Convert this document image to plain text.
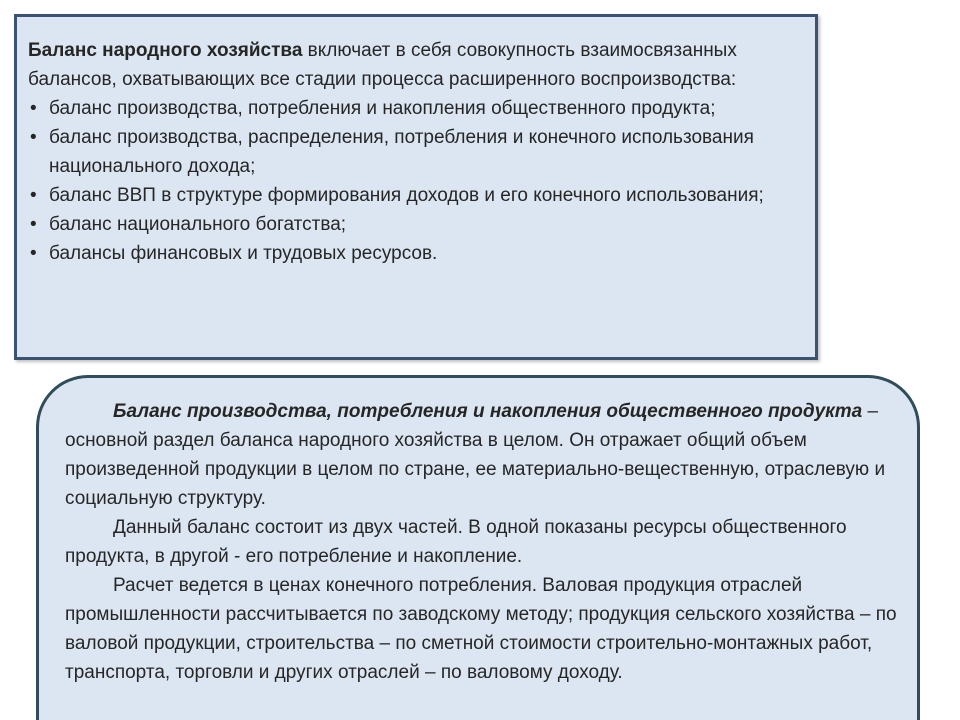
Баланс народного хозяйства включает в себя совокупность взаимосвязанных балансов, охватывающих все стадии процесса расширенного воспроизводства:

• баланс производства, потребления и накопления общественного продукта;
• баланс производства, распределения, потребления и конечного использования национального дохода;
• баланс ВВП в структуре формирования доходов и его конечного использования;
• баланс национального богатства;
• балансы финансовых и трудовых ресурсов.

Баланс производства, потребления и накопления общественного продукта –основной раздел баланса народного хозяйства в целом. Он отражает общий объем произведенной продукции в целом по стране, ее материально-вещественную, отраслевую и социальную структуру.

Данный баланс состоит из двух частей. В одной показаны ресурсы общественного продукта, в другой - его потребление и накопление.

Расчет ведется в ценах конечного потребления. Валовая продукция отраслей промышленности рассчитывается по заводскому методу; продукция сельского хозяйства – по валовой продукции, строительства – по сметной стоимости строительно-монтажных работ, транспорта, торговли и других отраслей – по валовому доходу.
